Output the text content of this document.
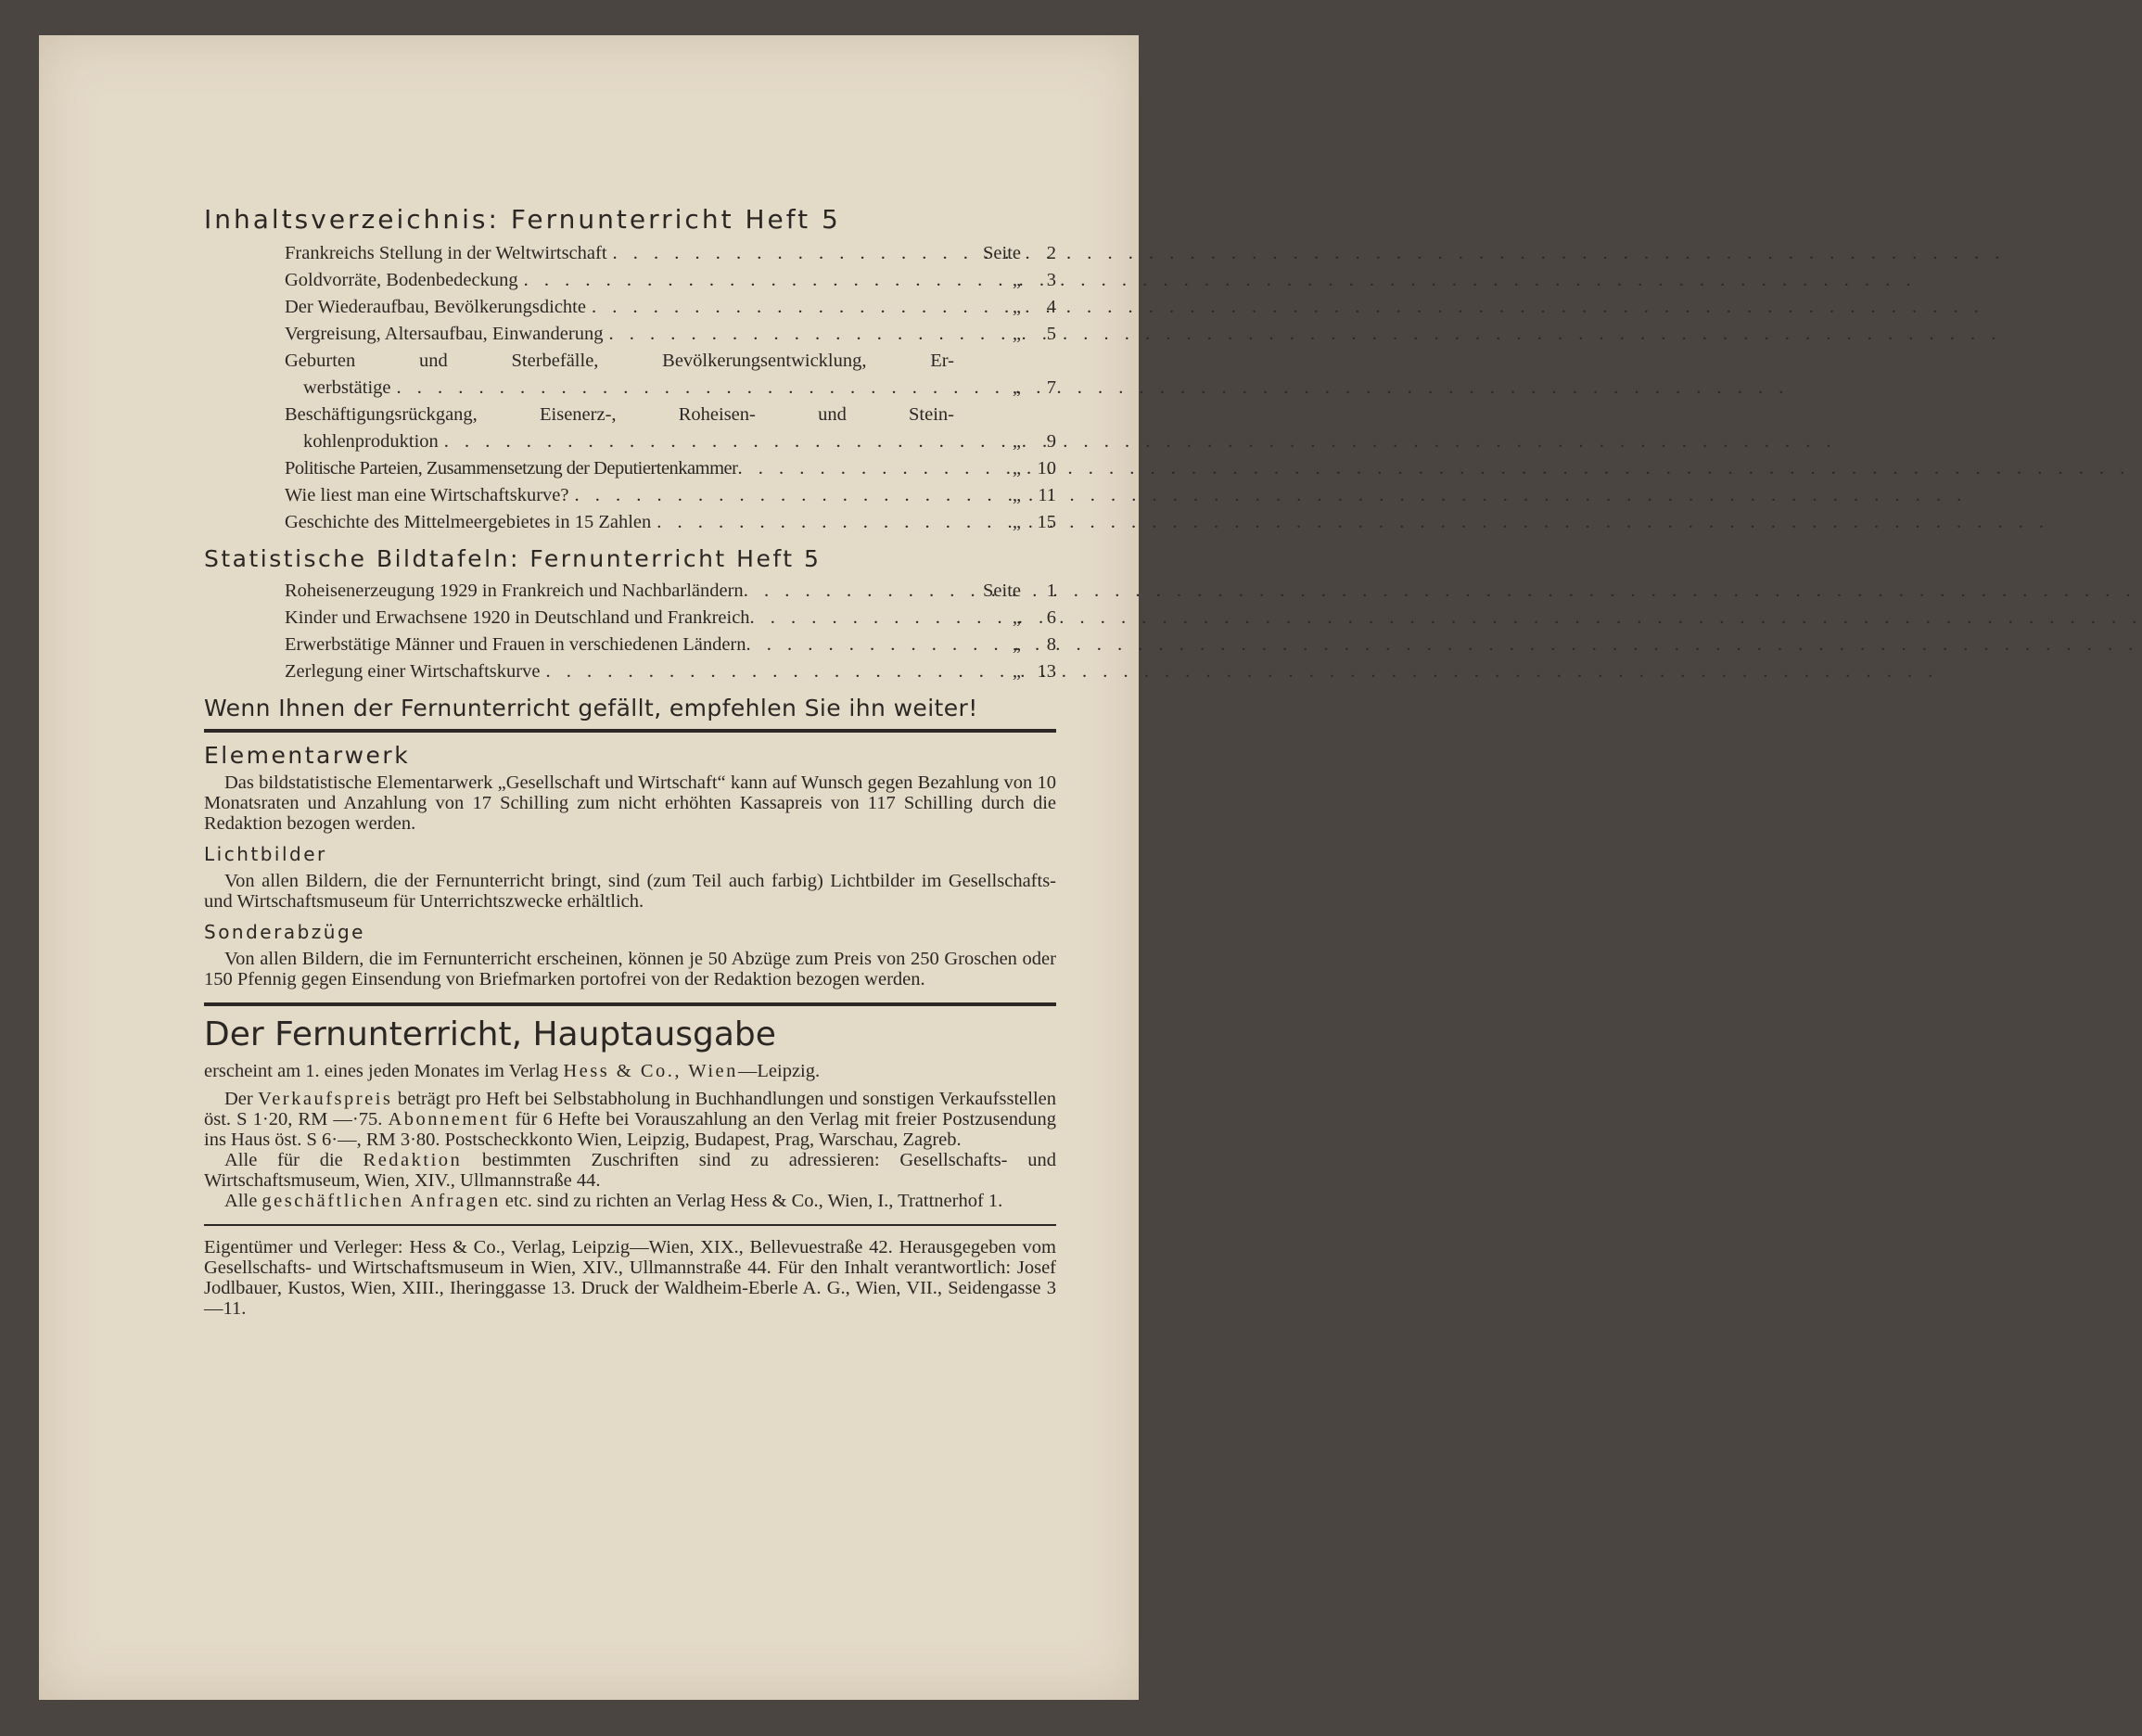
Inhaltsverzeichnis: Fernunterricht Heft 5
Frankreichs Stellung in der Weltwirtschaft . . .	Seite	2
Goldvorräte, Bodenbedeckung . . .	„	3
Der Wiederaufbau, Bevölkerungsdichte . . .	„	4
Vergreisung, Altersaufbau, Einwanderung . . .	„	5
Geburten und Sterbefälle, Bevölkerungsentwicklung, Er-
werbstätige . . .	„	7
Beschäftigungsrückgang, Eisenerz-, Roheisen- und Stein-
kohlenproduktion . . .	„	9
Politische Parteien, Zusammensetzung der Deputiertenkammer . . .	„ 10
Wie liest man eine Wirtschaftskurve? . . .	„ 11
Geschichte des Mittelmeergebietes in 15 Zahlen . . .	„ 15
Statistische Bildtafeln: Fernunterricht Heft 5
Roheisenerzeugung 1929 in Frankreich und Nachbarländern . . .	Seite	1
Kinder und Erwachsene 1920 in Deutschland und Frankreich . . .	„	6
Erwerbstätige Männer und Frauen in verschiedenen Ländern . . .	„	8
Zerlegung einer Wirtschaftskurve . . .	„ 13
Wenn Ihnen der Fernunterricht gefällt, empfehlen Sie ihn weiter!
Elementarwerk

Das bildstatistische Elementarwerk „Gesellschaft und Wirtschaft“ kann auf Wunsch gegen Bezahlung von 10 Monatsraten und Anzahlung von 17 Schilling zum nicht erhöhten Kassapreis von 117 Schilling durch die Redaktion bezogen werden.

Lichtbilder

Von allen Bildern, die der Fernunterricht bringt, sind (zum Teil auch farbig) Lichtbilder im Gesellschafts- und Wirtschaftsmuseum für Unterrichtszwecke erhältlich.

Sonderabzüge

Von allen Bildern, die im Fernunterricht erscheinen, können je 50 Abzüge zum Preis von 250 Groschen oder 150 Pfennig gegen Einsendung von Briefmarken portofrei von der Redaktion bezogen werden.

Der Fernunterricht, Hauptausgabe

erscheint am 1. eines jeden Monates im Verlag Hess & Co., Wien—Leipzig.

Der Verkaufspreis beträgt pro Heft bei Selbstabholung in Buchhandlungen und sonstigen Verkaufsstellen öst. S 1·20, RM —·75. Abonnement für 6 Hefte bei Vorauszahlung an den Verlag mit freier Postzusendung ins Haus öst. S 6·—, RM 3·80. Postscheckkonto Wien, Leipzig, Budapest, Prag, Warschau, Zagreb.

Alle für die Redaktion bestimmten Zuschriften sind zu adressieren: Gesellschafts- und Wirtschaftsmuseum, Wien, XIV., Ullmannstraße 44.

Alle geschäftlichen Anfragen etc. sind zu richten an Verlag Hess & Co., Wien, I., Trattnerhof 1.

Eigentümer und Verleger: Hess & Co., Verlag, Leipzig—Wien, XIX., Bellevuestraße 42. Herausgegeben vom Gesellschafts- und Wirtschaftsmuseum in Wien, XIV., Ullmannstraße 44. Für den Inhalt verantwortlich: Josef Jodlbauer, Kustos, Wien, XIII., Iheringgasse 13. Druck der Waldheim-Eberle A. G., Wien, VII., Seidengasse 3—11.
